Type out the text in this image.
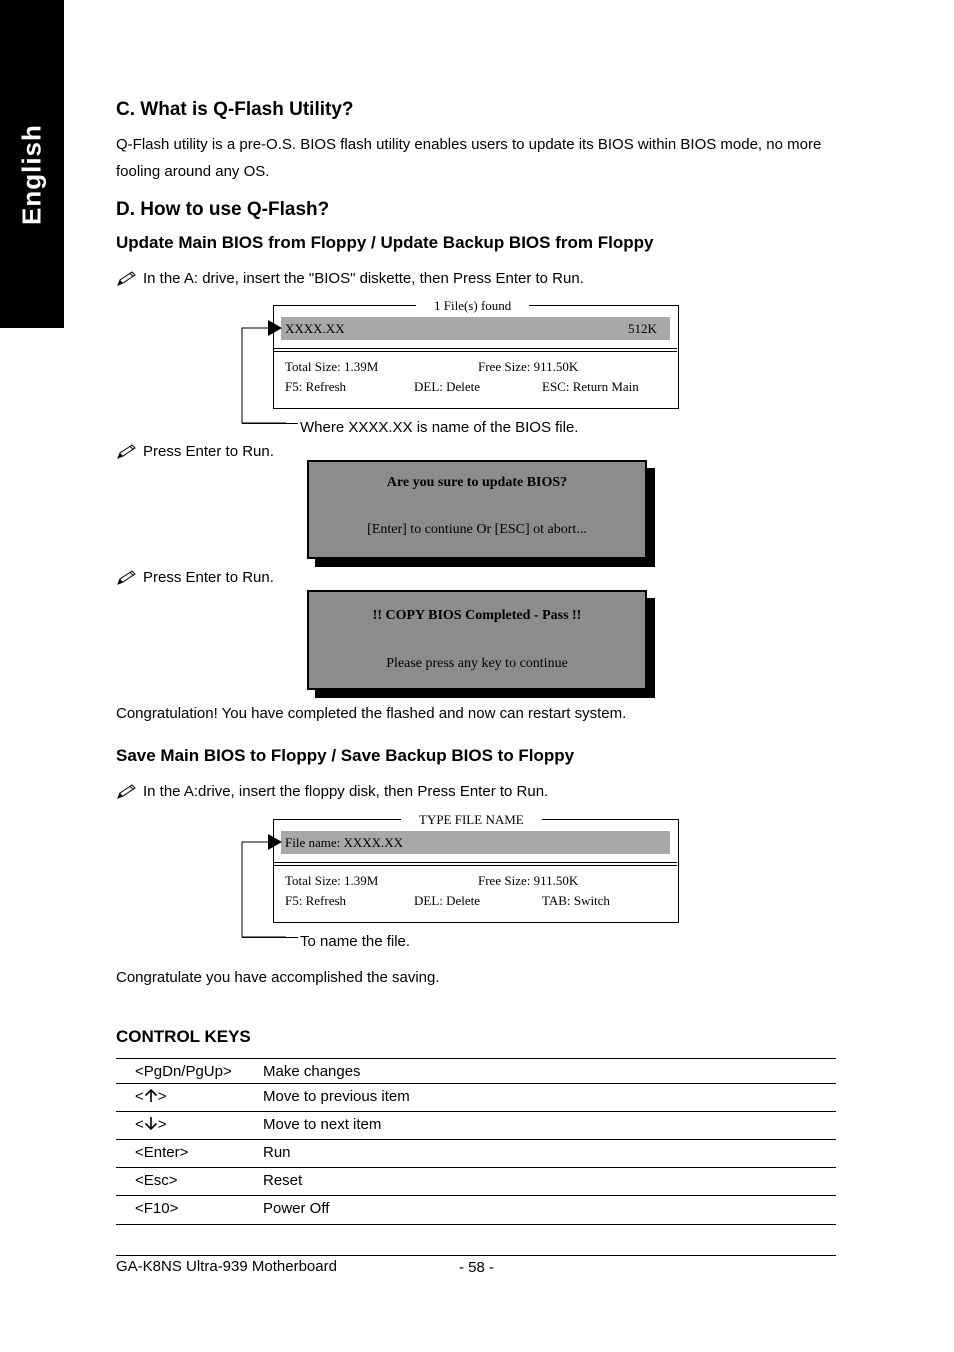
English
C. What is Q-Flash Utility?
Q-Flash utility is a pre-O.S. BIOS flash utility enables users to update its BIOS within BIOS mode, no more
fooling around any OS.
D. How to use Q-Flash?
Update Main BIOS from Floppy / Update Backup BIOS from Floppy
In the A: drive, insert the "BIOS" diskette, then Press Enter to Run.
1 File(s) found
XXXX.XX	512K
Total Size: 1.39M	Free Size: 911.50K
F5: Refresh	DEL: Delete	ESC: Return Main
Where XXXX.XX is name of the BIOS file.
Press Enter to Run.
Are you sure to update BIOS?
[Enter] to contiune Or [ESC] ot abort...
Press Enter to Run.
!! COPY BIOS Completed - Pass !!
Please press any key to continue
Congratulation! You have completed the flashed and now can restart system.
Save Main BIOS to Floppy / Save Backup BIOS to Floppy
In the A:drive, insert the floppy disk, then Press Enter to Run.
TYPE FILE NAME
File name: XXXX.XX
Total Size: 1.39M	Free Size: 911.50K
F5: Refresh	DEL: Delete	TAB: Switch
To name the file.
Congratulate you have accomplished the saving.
CONTROL KEYS
<PgDn/PgUp> Make changes
< >	Move to previous item
< >	Move to next item
<Enter>	Run
<Esc>	Reset
<F10>	Power Off
GA-K8NS Ultra-939 Motherboard	- 58 -
